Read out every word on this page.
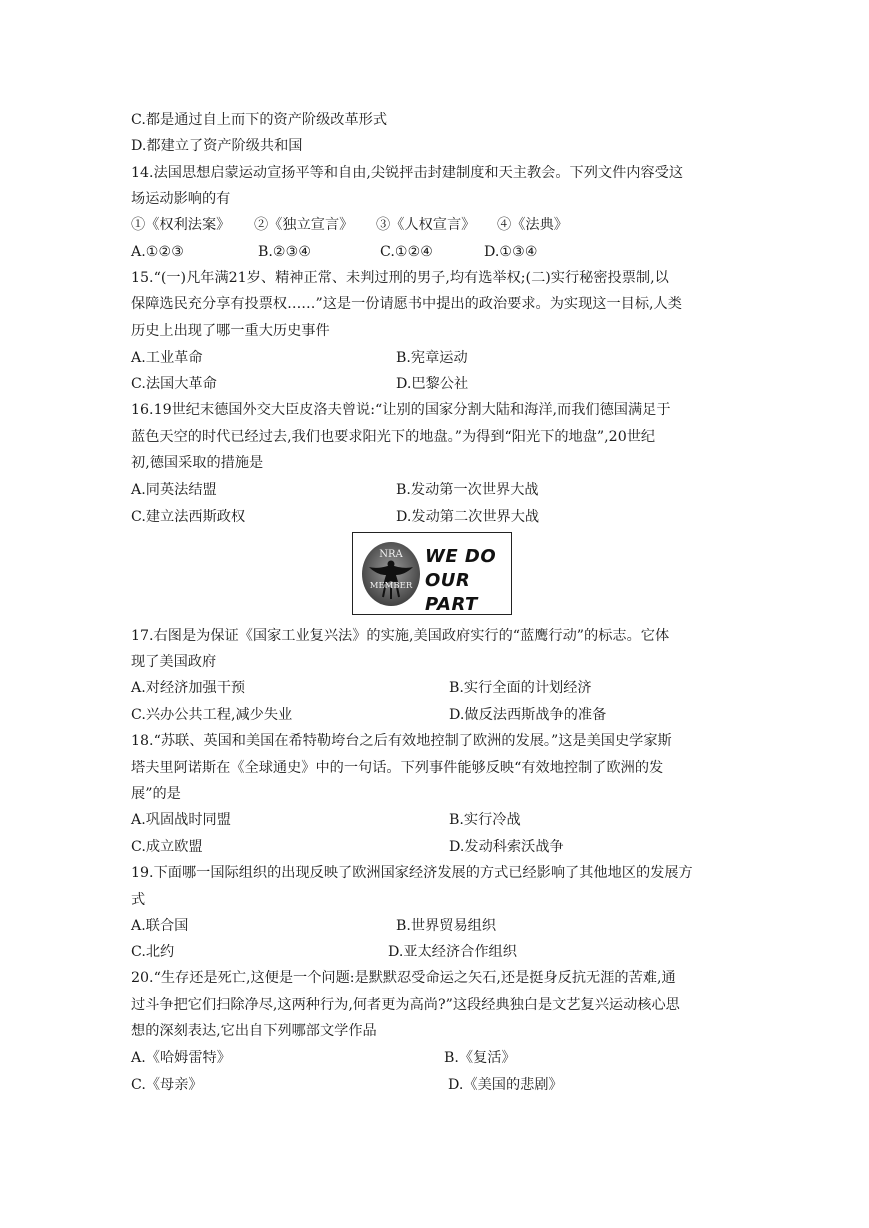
C.都是通过自上而下的资产阶级改革形式
D.都建立了资产阶级共和国
14.法国思想启蒙运动宣扬平等和自由,尖锐抨击封建制度和天主教会。下列文件内容受这
场运动影响的有
①《权利法案》 ②《独立宣言》 ③《人权宣言》 ④《法典》
A.①②③	B.②③④	C.①②④	D.①③④
15.“(一)凡年满21岁、精神正常、未判过刑的男子,均有选举权;(二)实行秘密投票制,以
保障选民充分享有投票权……”这是一份请愿书中提出的政治要求。为实现这一目标,人类
历史上出现了哪一重大历史事件
A.工业革命	B.宪章运动
C.法国大革命	D.巴黎公社
16.19世纪末德国外交大臣皮洛夫曾说:“让别的国家分割大陆和海洋,而我们德国满足于
蓝色天空的时代已经过去,我们也要求阳光下的地盘。”为得到“阳光下的地盘”,20世纪
初,德国采取的措施是
A.同英法结盟	B.发动第一次世界大战
C.建立法西斯政权	D.发动第二次世界大战
NRA
MEMBER
WE DO
OUR PART
17.右图是为保证《国家工业复兴法》的实施,美国政府实行的“蓝鹰行动”的标志。它体
现了美国政府
A.对经济加强干预	B.实行全面的计划经济
C.兴办公共工程,减少失业	D.做反法西斯战争的准备
18.“苏联、英国和美国在希特勒垮台之后有效地控制了欧洲的发展。”这是美国史学家斯
塔夫里阿诺斯在《全球通史》中的一句话。下列事件能够反映“有效地控制了欧洲的发
展”的是
A.巩固战时同盟	B.实行冷战
C.成立欧盟	D.发动科索沃战争
19.下面哪一国际组织的出现反映了欧洲国家经济发展的方式已经影响了其他地区的发展方
式
A.联合国	B.世界贸易组织
C.北约	D.亚太经济合作组织
20.“生存还是死亡,这便是一个问题:是默默忍受命运之矢石,还是挺身反抗无涯的苦难,通
过斗争把它们扫除净尽,这两种行为,何者更为高尚?”这段经典独白是文艺复兴运动核心思
想的深刻表达,它出自下列哪部文学作品
A.《哈姆雷特》	B.《复活》
C.《母亲》	D.《美国的悲剧》
